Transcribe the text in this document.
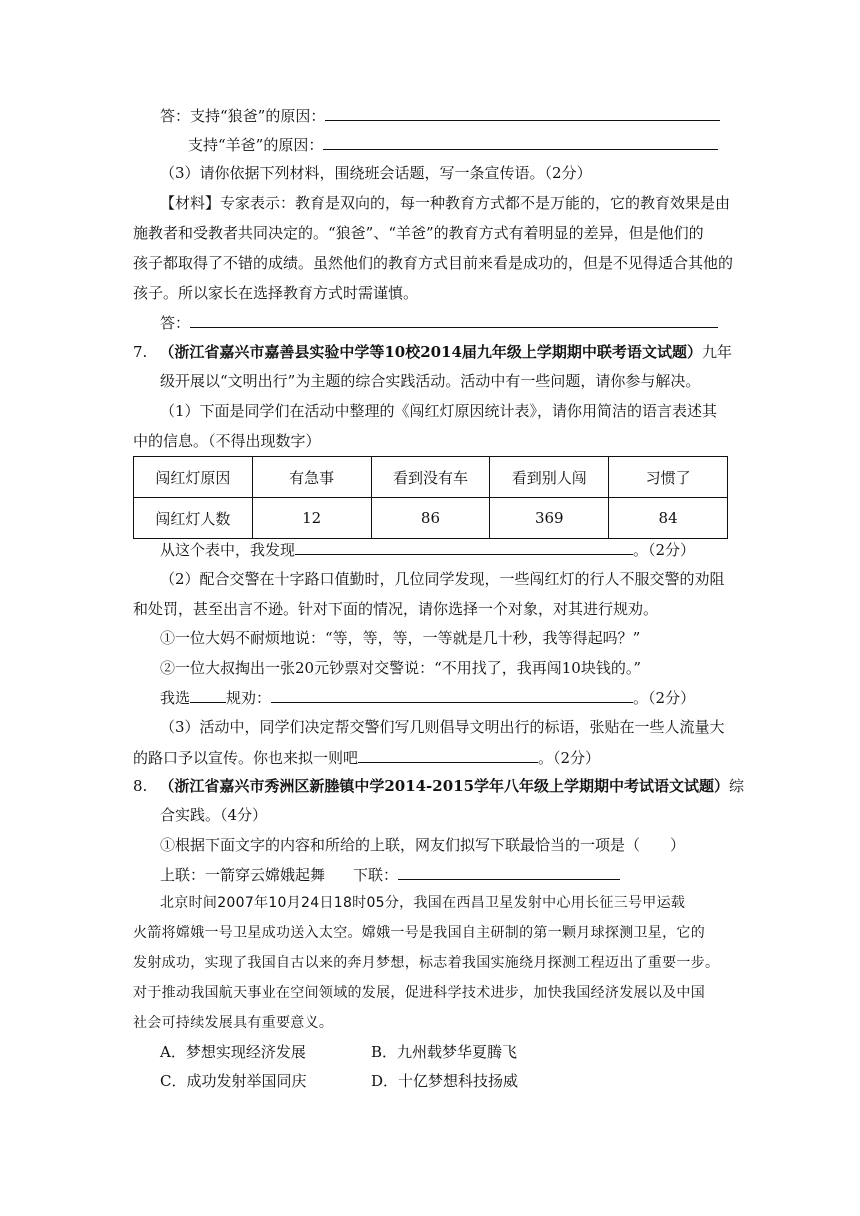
答：支持“狼爸”的原因：
支持“羊爸”的原因：
（3）请你依据下列材料，围绕班会话题，写一条宣传语。（2分）
【材料】专家表示：教育是双向的，每一种教育方式都不是万能的，它的教育效果是由
施教者和受教者共同决定的。“狼爸”、“羊爸”的教育方式有着明显的差异，但是他们的
孩子都取得了不错的成绩。虽然他们的教育方式目前来看是成功的，但是不见得适合其他的
孩子。所以家长在选择教育方式时需谨慎。
答：
7. （浙江省嘉兴市嘉善县实验中学等10校2014届九年级上学期期中联考语文试题）九年
级开展以“文明出行”为主题的综合实践活动。活动中有一些问题，请你参与解决。
（1）下面是同学们在活动中整理的《闯红灯原因统计表》，请你用简洁的语言表述其
中的信息。（不得出现数字）
闯红灯原因	有急事	看到没有车	看到别人闯	习惯了
闯红灯人数	12	86	369	84
从这个表中，我发现	。（2分）
（2）配合交警在十字路口值勤时，几位同学发现，一些闯红灯的行人不服交警的劝阻
和处罚，甚至出言不逊。针对下面的情况，请你选择一个对象，对其进行规劝。
①一位大妈不耐烦地说：“等，等，等，一等就是几十秒，我等得起吗？”
②一位大叔掏出一张20元钞票对交警说：“不用找了，我再闯10块钱的。”
我选 规劝：	。（2分）
（3）活动中，同学们决定帮交警们写几则倡导文明出行的标语，张贴在一些人流量大
的路口予以宣传。你也来拟一则吧	。（2分）
8. （浙江省嘉兴市秀洲区新塍镇中学2014-2015学年八年级上学期期中考试语文试题）综
合实践。（4分）
①根据下面文字的内容和所给的上联，网友们拟写下联最恰当的一项是（　　）
上联：一箭穿云嫦娥起舞 下联：
北京时间2007年10月24日18时05分，我国在西昌卫星发射中心用长征三号甲运载
火箭将嫦娥一号卫星成功送入太空。嫦娥一号是我国自主研制的第一颗月球探测卫星，它的
发射成功，实现了我国自古以来的奔月梦想，标志着我国实施绕月探测工程迈出了重要一步。
对于推动我国航天事业在空间领域的发展，促进科学技术进步，加快我国经济发展以及中国
社会可持续发展具有重要意义。
A．梦想实现经济发展	B．九州载梦华夏腾飞
C．成功发射举国同庆	D．十亿梦想科技扬威
